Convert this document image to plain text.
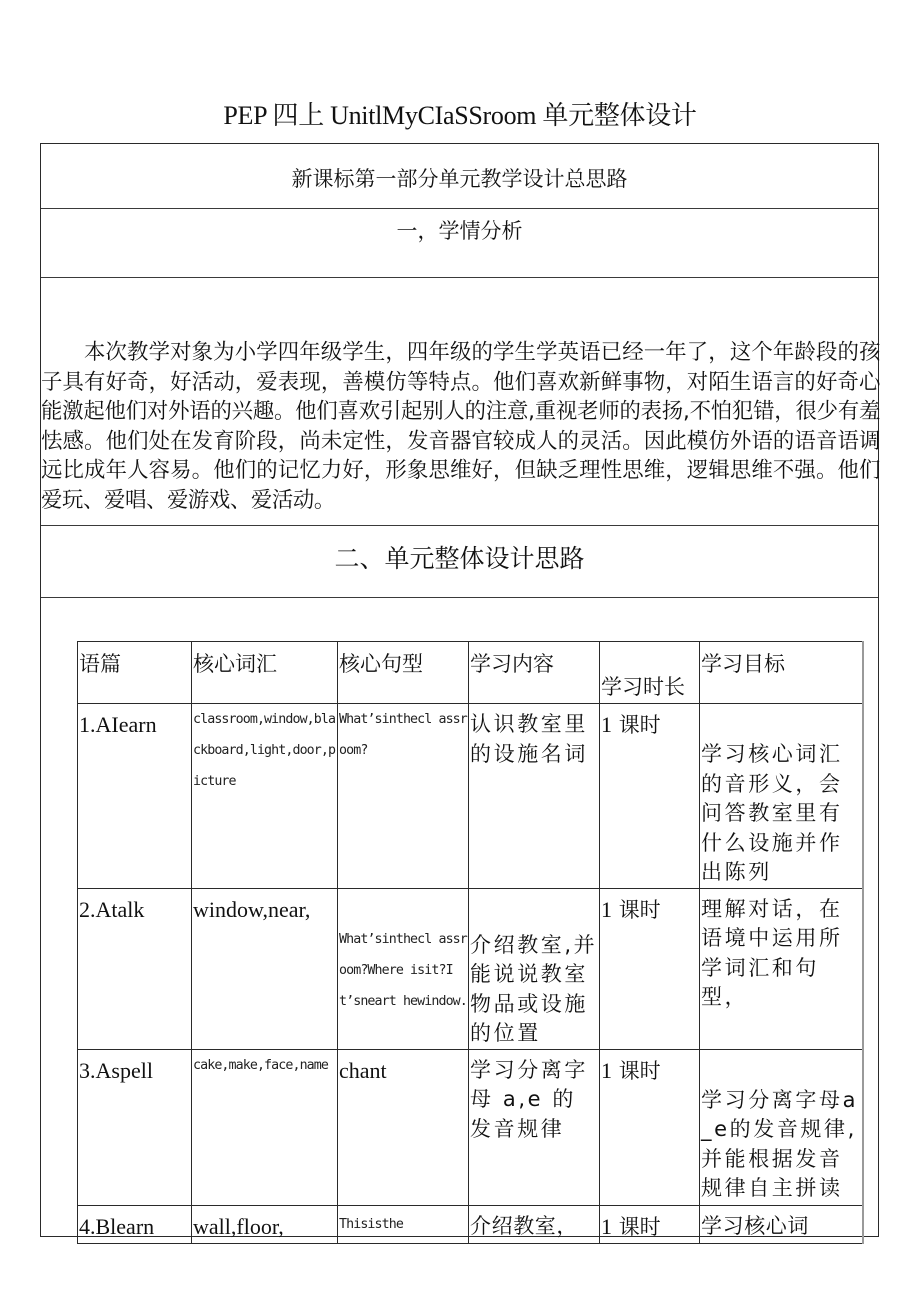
PEP 四上 UnitlMyCIaSSroom 单元整体设计
新课标第一部分单元教学设计总思路
一，学情分析
本次教学对象为小学四年级学生，四年级的学生学英语已经一年了，这个年龄段的孩子具有好奇，好活动，爱表现，善模仿等特点。他们喜欢新鲜事物，对陌生语言的好奇心能激起他们对外语的兴趣。他们喜欢引起别人的注意,重视老师的表扬,不怕犯错，很少有羞怯感。他们处在发育阶段，尚未定性，发音器官较成人的灵活。因此模仿外语的语音语调远比成年人容易。他们的记忆力好，形象思维好，但缺乏理性思维，逻辑思维不强。他们爱玩、爱唱、爱游戏、爱活动。
二、单元整体设计思路
语篇	核心词汇	核心句型	学习内容	学习时长	学习目标
1.AIearn	classroom,window,blackboard,light,door,picture	What’sinthecl assroom?	认识教室里的设施名词	1 课时	学习核心词汇的音形义，会问答教室里有什么设施并作出陈列
2.Atalk	window,near,	What’sinthecl assroom?Where isit?It’sneart hewindow.	介绍教室,并能说说教室物品或设施的位置	1 课时	理解对话，在语境中运用所学词汇和句型，
3.Aspell	cake,make,face,name	chant	学习分离字母 a,e 的发音规律	1 课时	学习分离字母a_e的发音规律,并能根据发音规律自主拼读
4.Blearn	wall,floor,	Thisisthe	介绍教室，	1 课时	学习核心词
